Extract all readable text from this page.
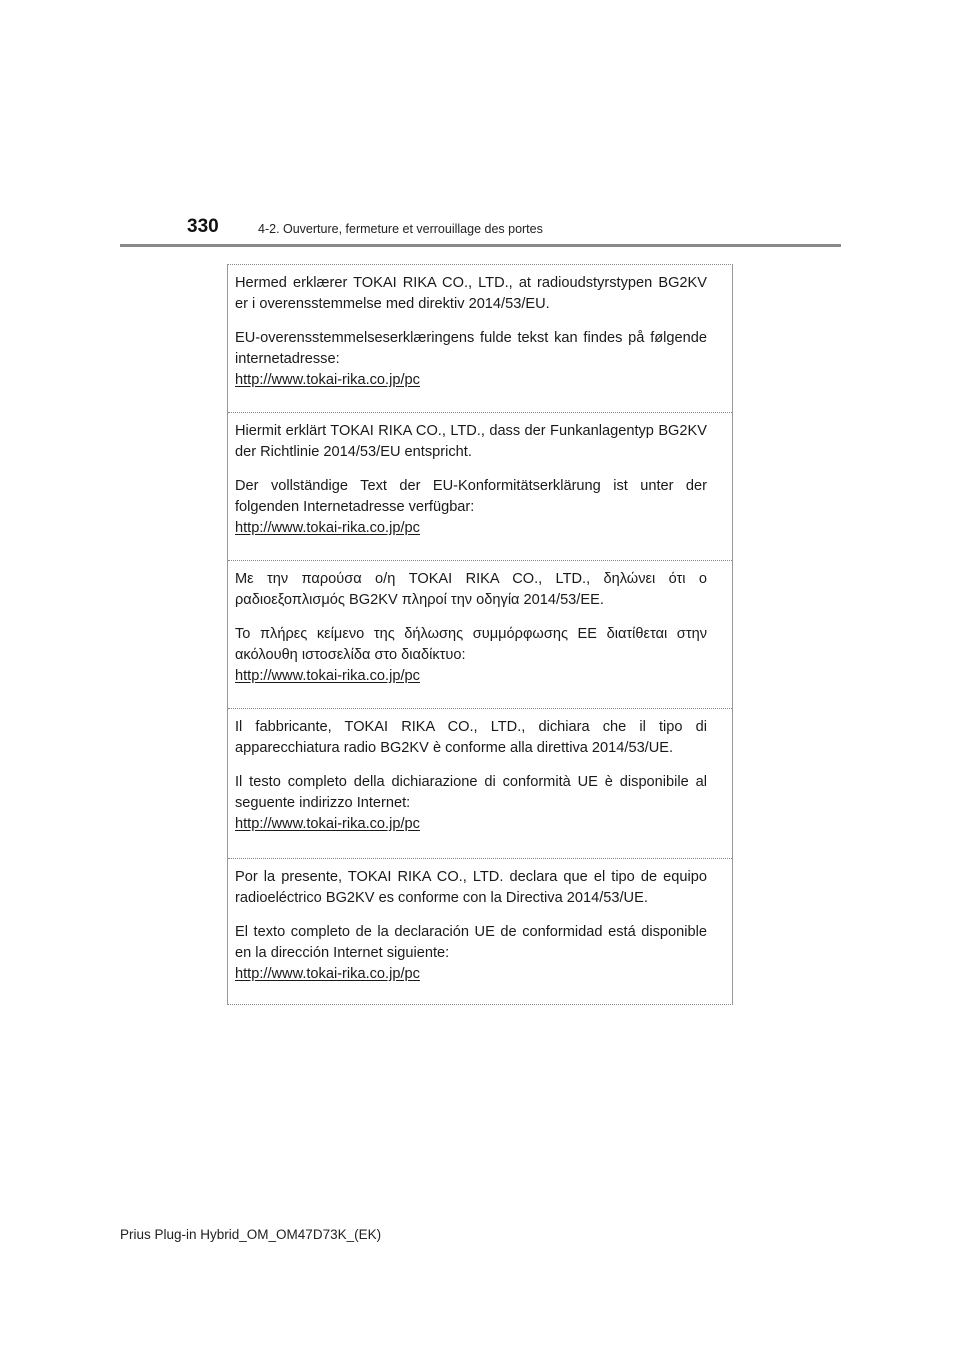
330	4-2. Ouverture, fermeture et verrouillage des portes

Hermed erklærer TOKAI RIKA CO., LTD., at radioudstyrstypen BG2KV er i overensstemmelse med direktiv 2014/53/EU.

EU-overensstemmelseserklæringens fulde tekst kan findes på følgende internetadresse:

http://www.tokai-rika.co.jp/pc

Hiermit erklärt TOKAI RIKA CO., LTD., dass der Funkanlagentyp BG2KV der Richtlinie 2014/53/EU entspricht.

Der vollständige Text der EU-Konformitätserklärung ist unter der folgenden Internetadresse verfügbar:

http://www.tokai-rika.co.jp/pc

Με την παρούσα ο/η TOKAI RIKA CO., LTD., δηλώνει ότι ο ραδιοεξοπλισμός BG2KV πληροί την οδηγία 2014/53/ΕΕ.

Το πλήρες κείμενο της δήλωσης συμμόρφωσης ΕΕ διατίθεται στην ακόλουθη ιστοσελίδα στο διαδίκτυο:

http://www.tokai-rika.co.jp/pc

Il fabbricante, TOKAI RIKA CO., LTD., dichiara che il tipo di apparecchiatura radio BG2KV è conforme alla direttiva 2014/53/UE.

Il testo completo della dichiarazione di conformità UE è disponibile al seguente indirizzo Internet:

http://www.tokai-rika.co.jp/pc

Por la presente, TOKAI RIKA CO., LTD. declara que el tipo de equipo radioeléctrico BG2KV es conforme con la Directiva 2014/53/UE.

El texto completo de la declaración UE de conformidad está disponible en la dirección Internet siguiente:

http://www.tokai-rika.co.jp/pc
Prius Plug-in Hybrid_OM_OM47D73K_(EK)
